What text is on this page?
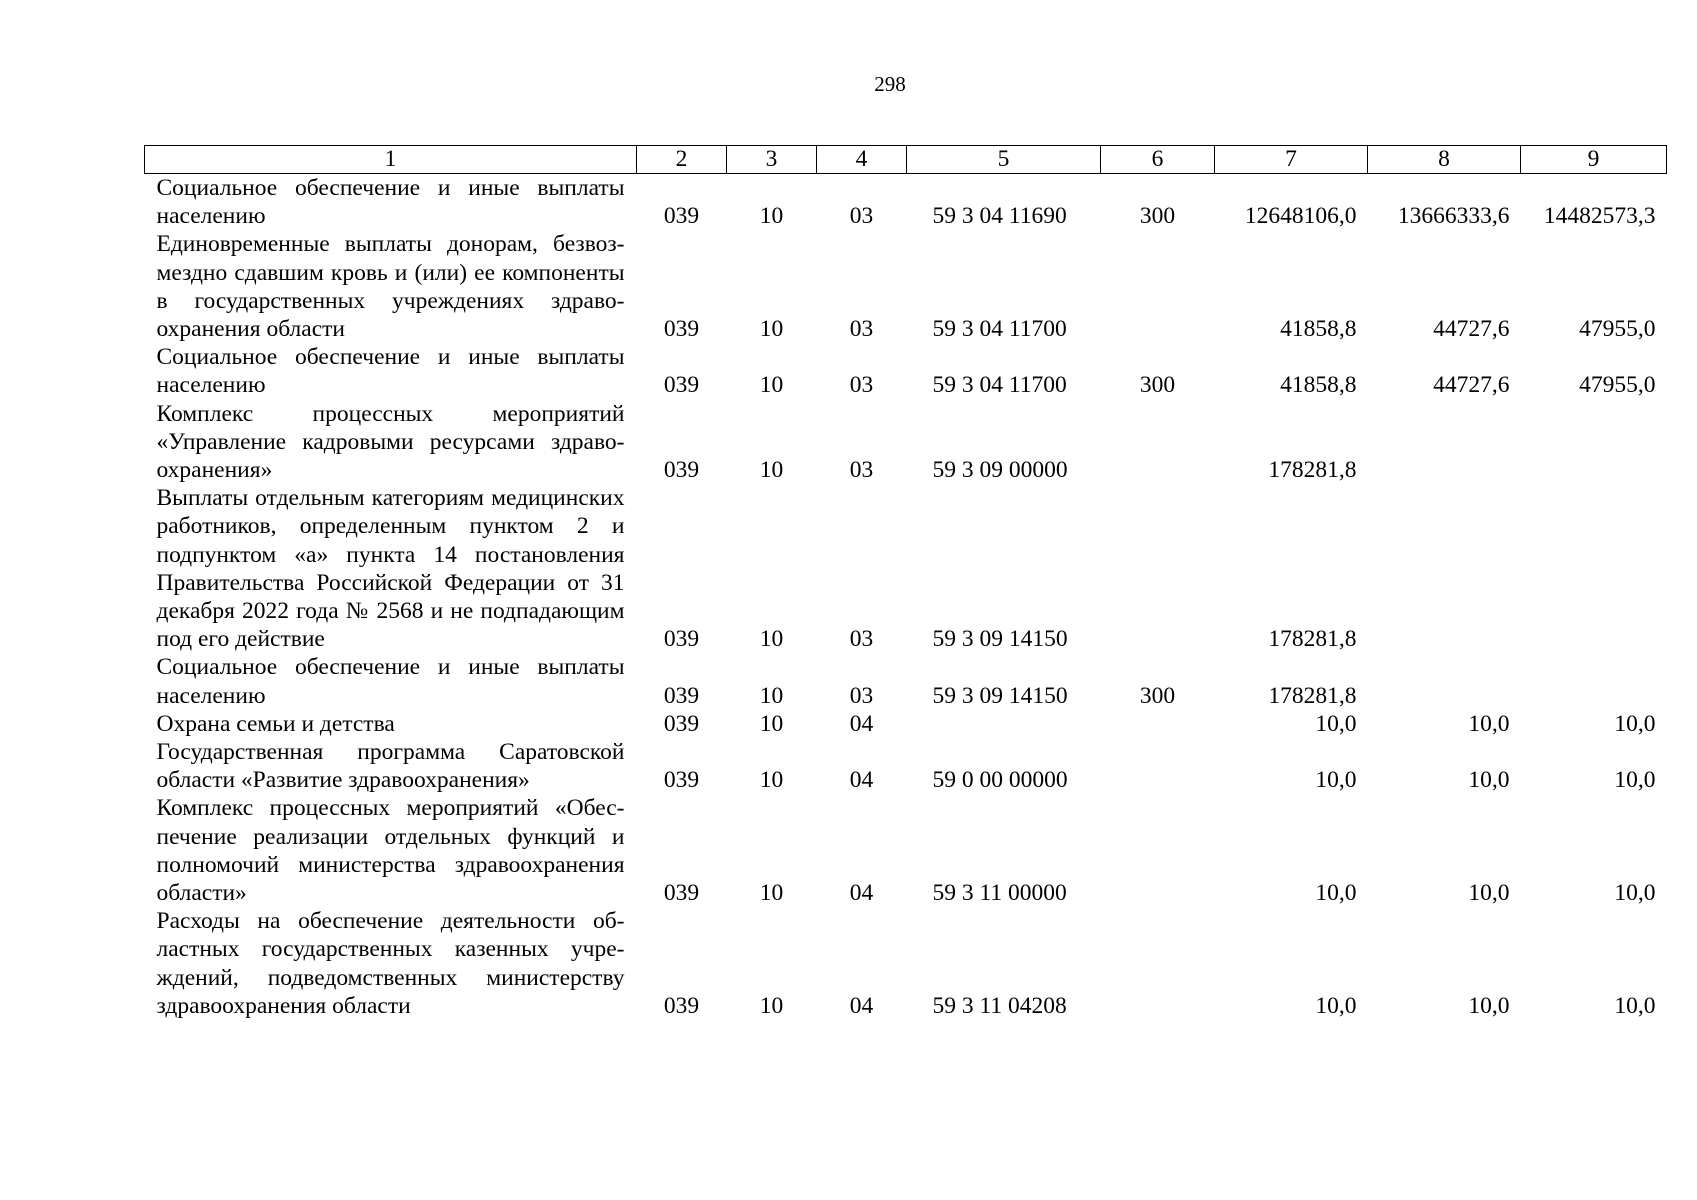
298
1	2	3	4	5	6	7	8	9
Социальное обеспечение и иные выплаты населению	039	10	03	59 3 04 11690	300	12648106,0	13666333,6	14482573,3
Единовременные выплаты донорам, безвозмездно сдавшим кровь и (или) ее компоненты в государственных учреждениях здравоохранения области	039	10	03	59 3 04 11700		41858,8	44727,6	47955,0
Социальное обеспечение и иные выплаты населению	039	10	03	59 3 04 11700	300	41858,8	44727,6	47955,0
Комплекс процессных мероприятий «Управление кадровыми ресурсами здравоохранения»	039	10	03	59 3 09 00000		178281,8		
Выплаты отдельным категориям медицинских работников, определенным пунктом 2 и подпунктом «а» пункта 14 постановления Правительства Российской Федерации от 31 декабря 2022 года № 2568 и не подпадающим под его действие	039	10	03	59 3 09 14150		178281,8		
Социальное обеспечение и иные выплаты населению	039	10	03	59 3 09 14150	300	178281,8		
Охрана семьи и детства	039	10	04			10,0	10,0	10,0
Государственная программа Саратовской области «Развитие здравоохранения»	039	10	04	59 0 00 00000		10,0	10,0	10,0
Комплекс процессных мероприятий «Обеспечение реализации отдельных функций и полномочий министерства здравоохранения области»	039	10	04	59 3 11 00000		10,0	10,0	10,0
Расходы на обеспечение деятельности областных государственных казенных учреждений, подведомственных министерству здравоохранения области	039	10	04	59 3 11 04208		10,0	10,0	10,0
